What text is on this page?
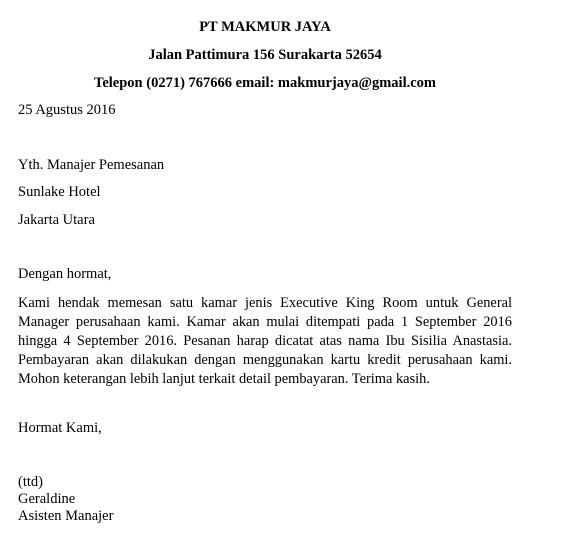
PT MAKMUR JAYA
Jalan Pattimura 156 Surakarta 52654
Telepon (0271) 767666 email: makmurjaya@gmail.com
25 Agustus 2016
Yth. Manajer Pemesanan
Sunlake Hotel
Jakarta Utara
Dengan hormat,
Kami hendak memesan satu kamar jenis Executive King Room untuk General Manager perusahaan kami. Kamar akan mulai ditempati pada 1 September 2016 hingga 4 September 2016. Pesanan harap dicatat atas nama Ibu Sisilia Anastasia. Pembayaran akan dilakukan dengan menggunakan kartu kredit perusahaan kami. Mohon keterangan lebih lanjut terkait detail pembayaran. Terima kasih.
Hormat Kami,
(ttd)
Geraldine
Asisten Manajer
